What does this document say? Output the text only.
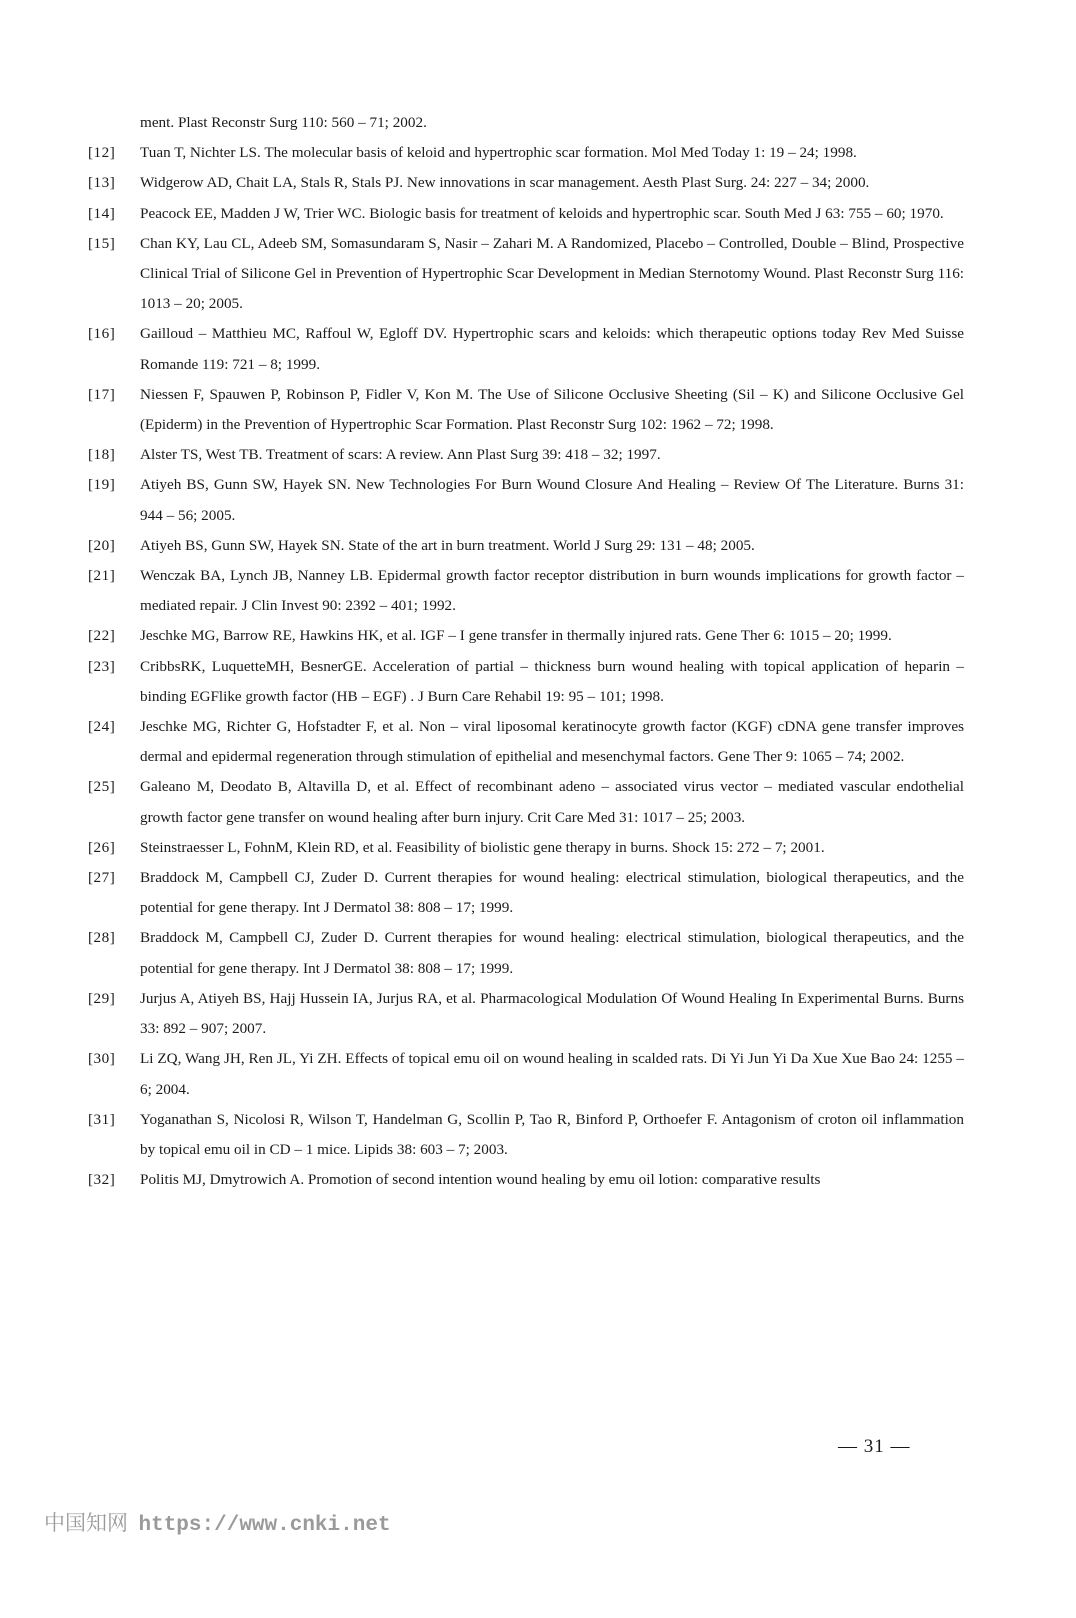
ment. Plast Reconstr Surg 110: 560 – 71; 2002.
[12]	Tuan T, Nichter LS. The molecular basis of keloid and hypertrophic scar formation. Mol Med Today 1: 19 – 24; 1998.
[13]	Widgerow AD, Chait LA, Stals R, Stals PJ. New innovations in scar management. Aesth Plast Surg. 24: 227 – 34; 2000.
[14]	Peacock EE, Madden J W, Trier WC. Biologic basis for treatment of keloids and hypertrophic scar. South Med J 63: 755 – 60; 1970.
[15]	Chan KY, Lau CL, Adeeb SM, Somasundaram S, Nasir – Zahari M. A Randomized, Placebo – Controlled, Double – Blind, Prospective Clinical Trial of Silicone Gel in Prevention of Hypertrophic Scar Development in Median Sternotomy Wound. Plast Reconstr Surg 116: 1013 – 20; 2005.
[16]	Gailloud – Matthieu MC, Raffoul W, Egloff DV. Hypertrophic scars and keloids: which therapeutic options today Rev Med Suisse Romande 119: 721 – 8; 1999.
[17]	Niessen F, Spauwen P, Robinson P, Fidler V, Kon M. The Use of Silicone Occlusive Sheeting (Sil – K) and Silicone Occlusive Gel (Epiderm) in the Prevention of Hypertrophic Scar Formation. Plast Reconstr Surg 102: 1962 – 72; 1998.
[18]	Alster TS, West TB. Treatment of scars: A review. Ann Plast Surg 39: 418 – 32; 1997.
[19]	Atiyeh BS, Gunn SW, Hayek SN. New Technologies For Burn Wound Closure And Healing – Review Of The Literature. Burns 31: 944 – 56; 2005.
[20]	Atiyeh BS, Gunn SW, Hayek SN. State of the art in burn treatment. World J Surg 29: 131 – 48; 2005.
[21]	Wenczak BA, Lynch JB, Nanney LB. Epidermal growth factor receptor distribution in burn wounds implications for growth factor – mediated repair. J Clin Invest 90: 2392 – 401; 1992.
[22]	Jeschke MG, Barrow RE, Hawkins HK, et al. IGF – I gene transfer in thermally injured rats. Gene Ther 6: 1015 – 20; 1999.
[23]	CribbsRK, LuquetteMH, BesnerGE. Acceleration of partial – thickness burn wound healing with topical application of heparin – binding EGFlike growth factor (HB – EGF) . J Burn Care Rehabil 19: 95 – 101; 1998.
[24]	Jeschke MG, Richter G, Hofstadter F, et al. Non – viral liposomal keratinocyte growth factor (KGF) cDNA gene transfer improves dermal and epidermal regeneration through stimulation of epithelial and mesenchymal factors. Gene Ther 9: 1065 – 74; 2002.
[25]	Galeano M, Deodato B, Altavilla D, et al. Effect of recombinant adeno – associated virus vector – mediated vascular endothelial growth factor gene transfer on wound healing after burn injury. Crit Care Med 31: 1017 – 25; 2003.
[26]	Steinstraesser L, FohnM, Klein RD, et al. Feasibility of biolistic gene therapy in burns. Shock 15: 272 – 7; 2001.
[27]	Braddock M, Campbell CJ, Zuder D. Current therapies for wound healing: electrical stimulation, biological therapeutics, and the potential for gene therapy. Int J Dermatol 38: 808 – 17; 1999.
[28]	Braddock M, Campbell CJ, Zuder D. Current therapies for wound healing: electrical stimulation, biological therapeutics, and the potential for gene therapy. Int J Dermatol 38: 808 – 17; 1999.
[29]	Jurjus A, Atiyeh BS, Hajj Hussein IA, Jurjus RA, et al. Pharmacological Modulation Of Wound Healing In Experimental Burns. Burns 33: 892 – 907; 2007.
[30]	Li ZQ, Wang JH, Ren JL, Yi ZH. Effects of topical emu oil on wound healing in scalded rats. Di Yi Jun Yi Da Xue Xue Bao 24: 1255 – 6; 2004.
[31]	Yoganathan S, Nicolosi R, Wilson T, Handelman G, Scollin P, Tao R, Binford P, Orthoefer F. Antagonism of croton oil inflammation by topical emu oil in CD – 1 mice. Lipids 38: 603 – 7; 2003.
[32]	Politis MJ, Dmytrowich A. Promotion of second intention wound healing by emu oil lotion: comparative results
— 31 —
中国知网 https://www.cnki.net
